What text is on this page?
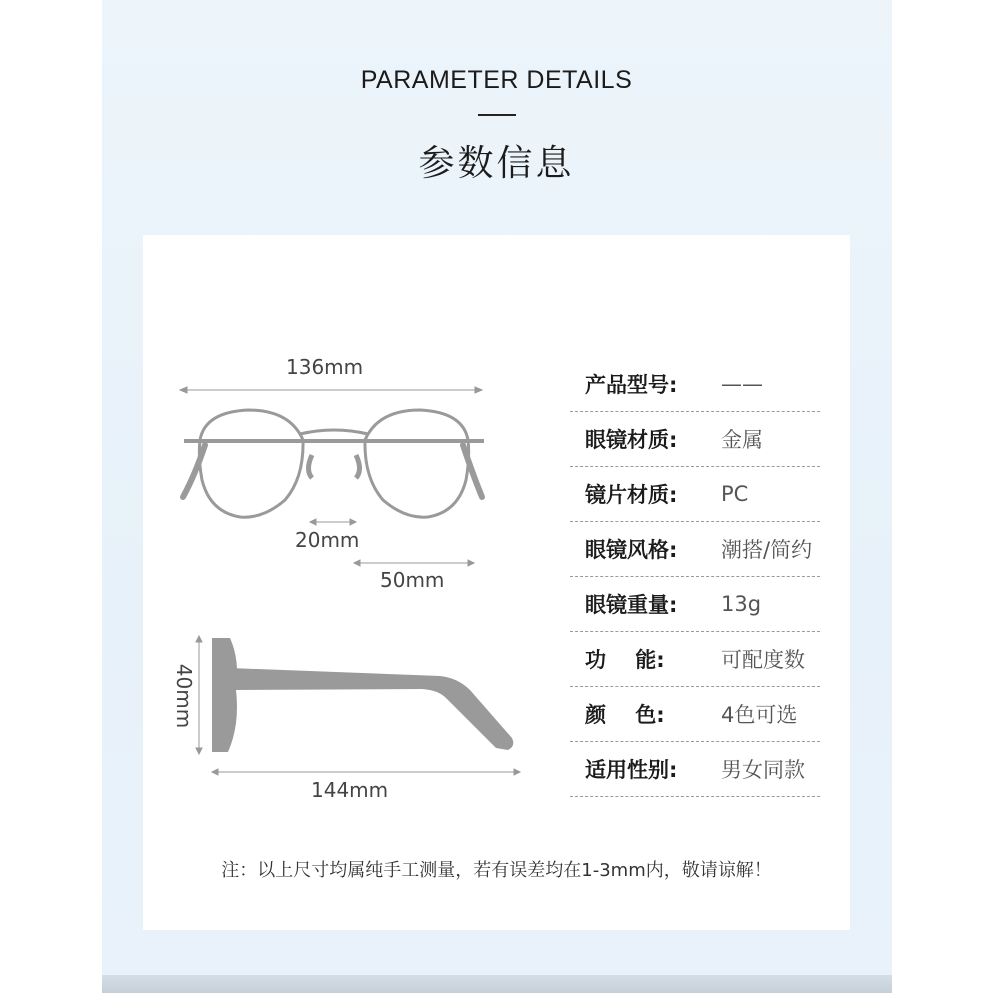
PARAMETER DETAILS
参数信息
136mm
20mm
50mm
40mm
144mm
产品型号:	——
眼镜材质:	金属
镜片材质:	PC
眼镜风格:	潮搭/简约
眼镜重量:	13g
功    能:	可配度数
颜    色:	4色可选
适用性别:	男女同款
注：以上尺寸均属纯手工测量，若有误差均在1-3mm内，敬请谅解！
